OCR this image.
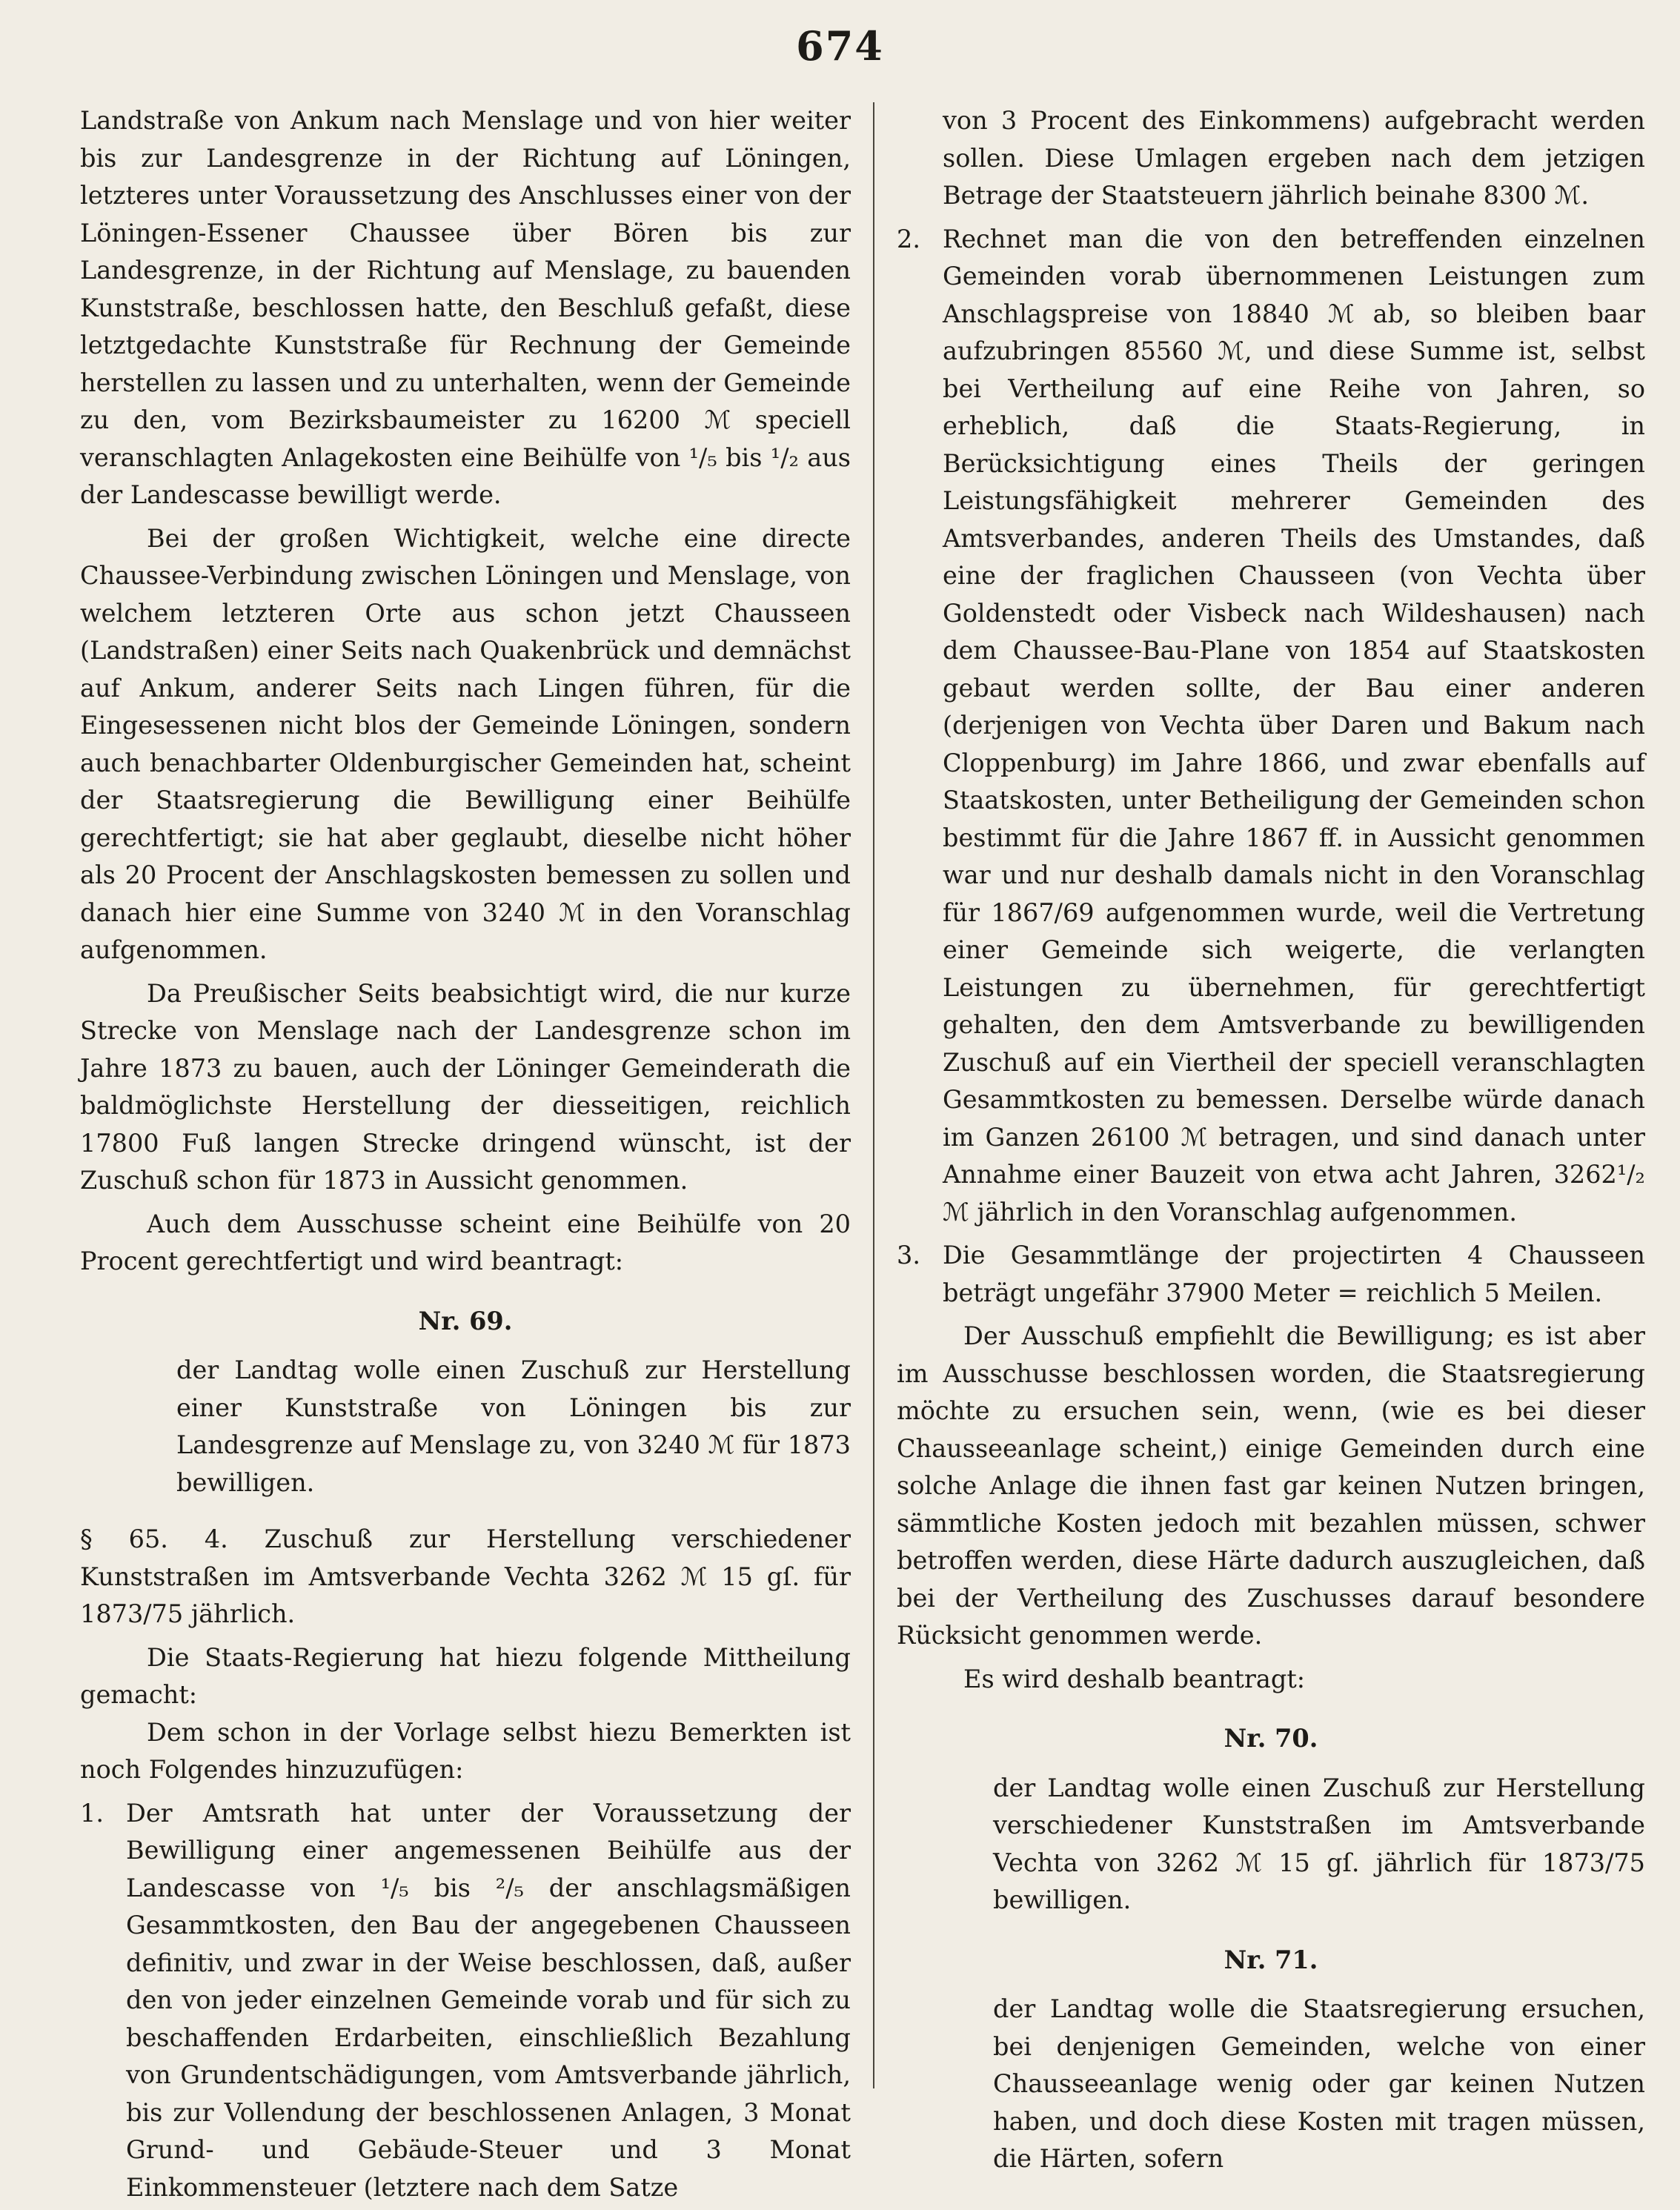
674

Landstraße von Ankum nach Menslage und von hier weiter bis zur Landesgrenze in der Richtung auf Löningen, letzteres unter Voraussetzung des Anschlusses einer von der Löningen-Essener Chaussee über Bören bis zur Landesgrenze, in der Richtung auf Menslage, zu bauenden Kunststraße, beschlossen hatte, den Beschluß gefaßt, diese letztgedachte Kunststraße für Rechnung der Gemeinde herstellen zu lassen und zu unterhalten, wenn der Gemeinde zu den, vom Bezirksbaumeister zu 16200 ℳ speciell veranschlagten Anlagekosten eine Beihülfe von ¹/₅ bis ¹/₂ aus der Landescasse bewilligt werde.

Bei der großen Wichtigkeit, welche eine directe Chaussee-Verbindung zwischen Löningen und Menslage, von welchem letzteren Orte aus schon jetzt Chausseen (Landstraßen) einer Seits nach Quakenbrück und demnächst auf Ankum, anderer Seits nach Lingen führen, für die Eingesessenen nicht blos der Gemeinde Löningen, sondern auch benachbarter Oldenburgischer Gemeinden hat, scheint der Staatsregierung die Bewilligung einer Beihülfe gerechtfertigt; sie hat aber geglaubt, dieselbe nicht höher als 20 Procent der Anschlagskosten bemessen zu sollen und danach hier eine Summe von 3240 ℳ in den Voranschlag aufgenommen.

Da Preußischer Seits beabsichtigt wird, die nur kurze Strecke von Menslage nach der Landesgrenze schon im Jahre 1873 zu bauen, auch der Löninger Gemeinderath die baldmöglichste Herstellung der diesseitigen, reichlich 17800 Fuß langen Strecke dringend wünscht, ist der Zuschuß schon für 1873 in Aussicht genommen.

Auch dem Ausschusse scheint eine Beihülfe von 20 Procent gerechtfertigt und wird beantragt:

Nr. 69.

der Landtag wolle einen Zuschuß zur Herstellung einer Kunststraße von Löningen bis zur Landesgrenze auf Menslage zu, von 3240 ℳ für 1873 bewilligen.

§ 65. 4. Zuschuß zur Herstellung verschiedener Kunststraßen im Amtsverbande Vechta 3262 ℳ 15 gſ. für 1873/75 jährlich.

Die Staats-Regierung hat hiezu folgende Mittheilung gemacht:

Dem schon in der Vorlage selbst hiezu Bemerkten ist noch Folgendes hinzuzufügen:

1. Der Amtsrath hat unter der Voraussetzung der Bewilligung einer angemessenen Beihülfe aus der Landescasse von ¹/₅ bis ²/₅ der anschlagsmäßigen Gesammtkosten, den Bau der angegebenen Chausseen definitiv, und zwar in der Weise beschlossen, daß, außer den von jeder einzelnen Gemeinde vorab und für sich zu beschaffenden Erdarbeiten, einschließlich Bezahlung von Grundentschädigungen, vom Amtsverbande jährlich, bis zur Vollendung der beschlossenen Anlagen, 3 Monat Grund- und Gebäude-Steuer und 3 Monat Einkommensteuer (letztere nach dem Satze

von 3 Procent des Einkommens) aufgebracht werden sollen. Diese Umlagen ergeben nach dem jetzigen Betrage der Staatsteuern jährlich beinahe 8300 ℳ.

2. Rechnet man die von den betreffenden einzelnen Gemeinden vorab übernommenen Leistungen zum Anschlagspreise von 18840 ℳ ab, so bleiben baar aufzubringen 85560 ℳ, und diese Summe ist, selbst bei Vertheilung auf eine Reihe von Jahren, so erheblich, daß die Staats-Regierung, in Berücksichtigung eines Theils der geringen Leistungsfähigkeit mehrerer Gemeinden des Amtsverbandes, anderen Theils des Umstandes, daß eine der fraglichen Chausseen (von Vechta über Goldenstedt oder Visbeck nach Wildeshausen) nach dem Chaussee-Bau-Plane von 1854 auf Staatskosten gebaut werden sollte, der Bau einer anderen (derjenigen von Vechta über Daren und Bakum nach Cloppenburg) im Jahre 1866, und zwar ebenfalls auf Staatskosten, unter Betheiligung der Gemeinden schon bestimmt für die Jahre 1867 ff. in Aussicht genommen war und nur deshalb damals nicht in den Voranschlag für 1867/69 aufgenommen wurde, weil die Vertretung einer Gemeinde sich weigerte, die verlangten Leistungen zu übernehmen, für gerechtfertigt gehalten, den dem Amtsverbande zu bewilligenden Zuschuß auf ein Viertheil der speciell veranschlagten Gesammtkosten zu bemessen. Derselbe würde danach im Ganzen 26100 ℳ betragen, und sind danach unter Annahme einer Bauzeit von etwa acht Jahren, 3262¹/₂ ℳ jährlich in den Voranschlag aufgenommen.
3. Die Gesammtlänge der projectirten 4 Chausseen beträgt ungefähr 37900 Meter = reichlich 5 Meilen.

Der Ausschuß empfiehlt die Bewilligung; es ist aber im Ausschusse beschlossen worden, die Staatsregierung möchte zu ersuchen sein, wenn, (wie es bei dieser Chausseeanlage scheint,) einige Gemeinden durch eine solche Anlage die ihnen fast gar keinen Nutzen bringen, sämmtliche Kosten jedoch mit bezahlen müssen, schwer betroffen werden, diese Härte dadurch auszugleichen, daß bei der Vertheilung des Zuschusses darauf besondere Rücksicht genommen werde.

Es wird deshalb beantragt:

Nr. 70.

der Landtag wolle einen Zuschuß zur Herstellung verschiedener Kunststraßen im Amtsverbande Vechta von 3262 ℳ 15 gſ. jährlich für 1873/75 bewilligen.

Nr. 71.

der Landtag wolle die Staatsregierung ersuchen, bei denjenigen Gemeinden, welche von einer Chausseeanlage wenig oder gar keinen Nutzen haben, und doch diese Kosten mit tragen müssen, die Härten, sofern
